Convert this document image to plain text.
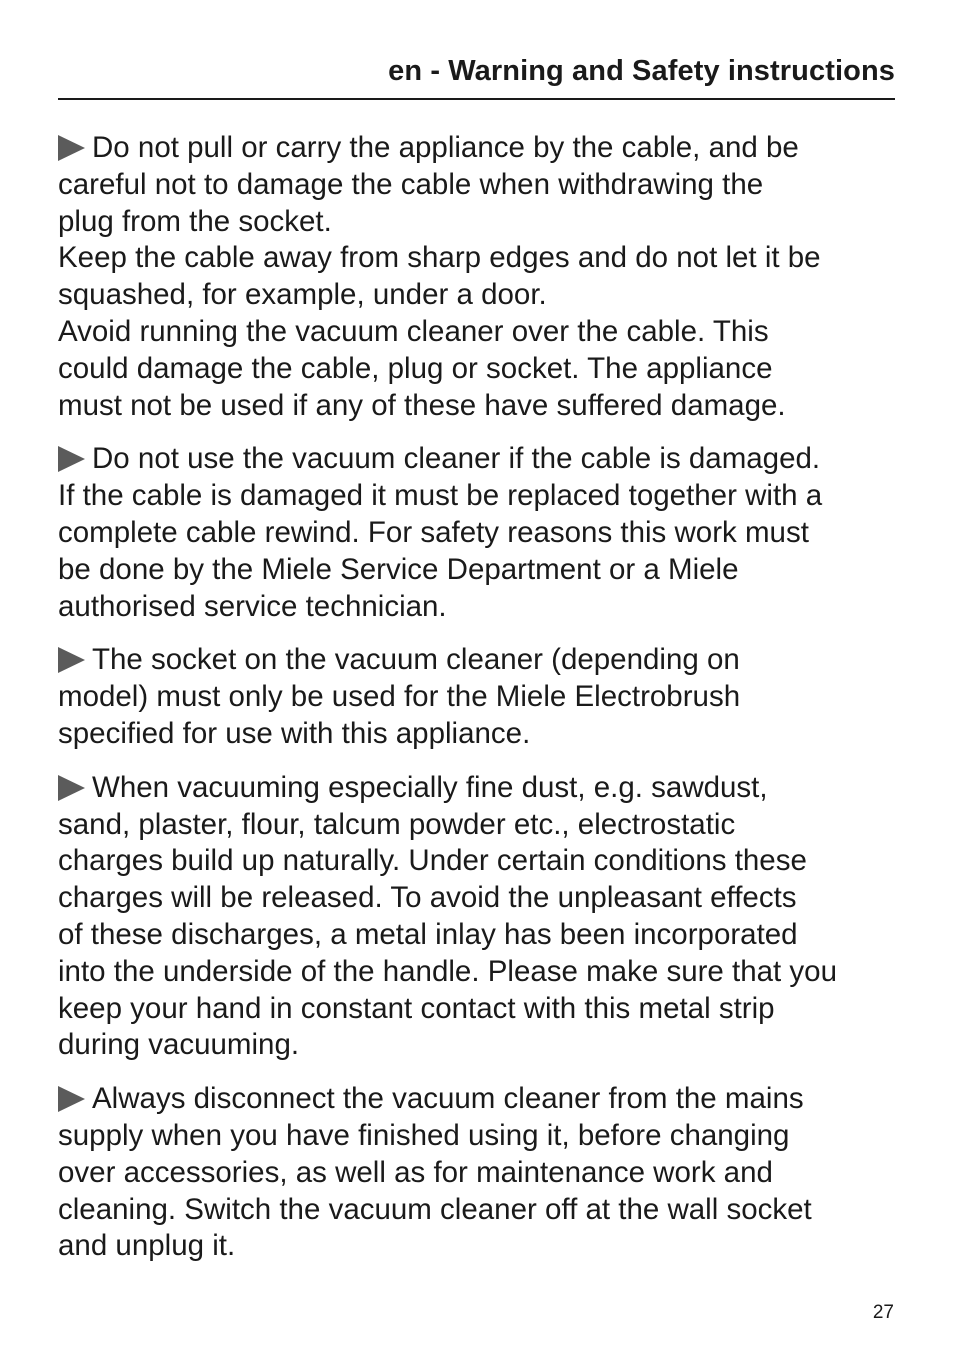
en - Warning and Safety instructions

Do not pull or carry the appliance by the cable, and be
careful not to damage the cable when withdrawing the
plug from the socket.
Keep the cable away from sharp edges and do not let it be
squashed, for example, under a door.
Avoid running the vacuum cleaner over the cable. This
could damage the cable, plug or socket. The appliance
must not be used if any of these have suffered damage.

Do not use the vacuum cleaner if the cable is damaged.
If the cable is damaged it must be replaced together with a
complete cable rewind. For safety reasons this work must
be done by the Miele Service Department or a Miele
authorised service technician.

The socket on the vacuum cleaner (depending on
model) must only be used for the Miele Electrobrush
specified for use with this appliance.

When vacuuming especially fine dust, e.g. sawdust,
sand, plaster, flour, talcum powder etc., electrostatic
charges build up naturally. Under certain conditions these
charges will be released. To avoid the unpleasant effects
of these discharges, a metal inlay has been incorporated
into the underside of the handle. Please make sure that you
keep your hand in constant contact with this metal strip
during vacuuming.

Always disconnect the vacuum cleaner from the mains
supply when you have finished using it, before changing
over accessories, as well as for maintenance work and
cleaning. Switch the vacuum cleaner off at the wall socket
and unplug it.

27
